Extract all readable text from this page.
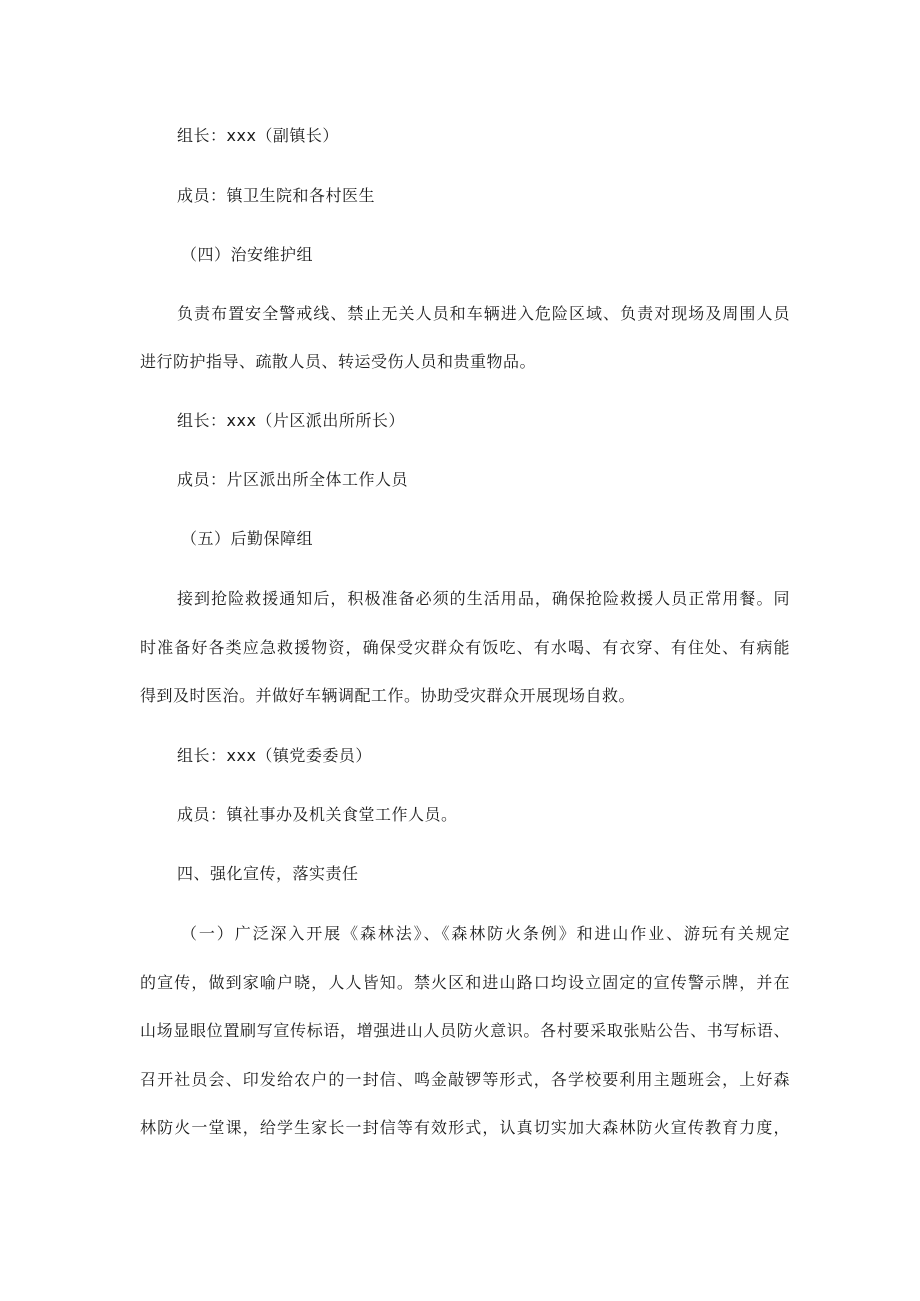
组长：xxx（副镇长）
成员：镇卫生院和各村医生
（四）治安维护组
负责布置安全警戒线、禁止无关人员和车辆进入危险区域、负责对现场及周围人员
进行防护指导、疏散人员、转运受伤人员和贵重物品。
组长：xxx（片区派出所所长）
成员：片区派出所全体工作人员
（五）后勤保障组
接到抢险救援通知后，积极准备必须的生活用品，确保抢险救援人员正常用餐。同
时准备好各类应急救援物资，确保受灾群众有饭吃、有水喝、有衣穿、有住处、有病能
得到及时医治。并做好车辆调配工作。协助受灾群众开展现场自救。
组长：xxx（镇党委委员）
成员：镇社事办及机关食堂工作人员。
四、强化宣传，落实责任
（一）广泛深入开展《森林法》、《森林防火条例》和进山作业、游玩有关规定
的宣传，做到家喻户晓，人人皆知。禁火区和进山路口均设立固定的宣传警示牌，并在
山场显眼位置刷写宣传标语，增强进山人员防火意识。各村要采取张贴公告、书写标语、
召开社员会、印发给农户的一封信、鸣金敲锣等形式，各学校要利用主题班会，上好森
林防火一堂课，给学生家长一封信等有效形式，认真切实加大森林防火宣传教育力度，
